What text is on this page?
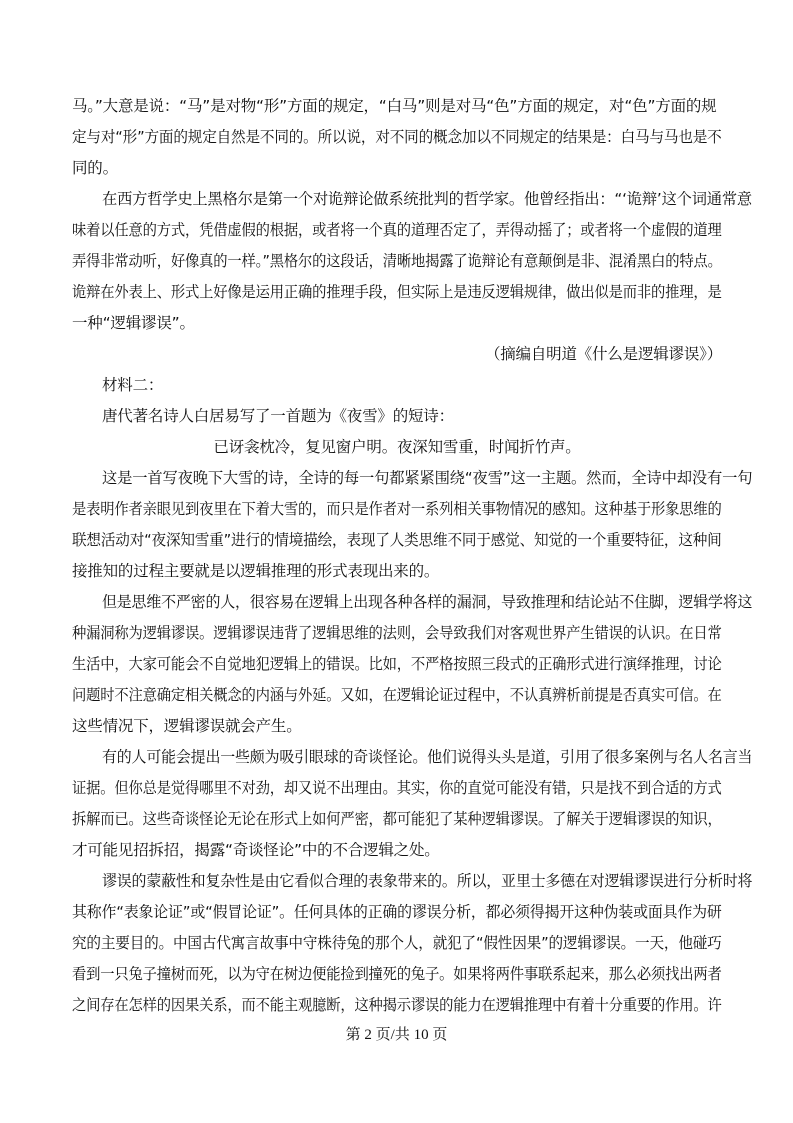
马。”大意是说：“马”是对物“形”方面的规定，“白马”则是对马“色”方面的规定，对“色”方面的规
定与对“形”方面的规定自然是不同的。所以说，对不同的概念加以不同规定的结果是：白马与马也是不
同的。
在西方哲学史上黑格尔是第一个对诡辩论做系统批判的哲学家。他曾经指出：“‘诡辩’这个词通常意
味着以任意的方式，凭借虚假的根据，或者将一个真的道理否定了，弄得动摇了；或者将一个虚假的道理
弄得非常动听，好像真的一样。”黑格尔的这段话，清晰地揭露了诡辩论有意颠倒是非、混淆黑白的特点。
诡辩在外表上、形式上好像是运用正确的推理手段，但实际上是违反逻辑规律，做出似是而非的推理，是
一种“逻辑谬误”。
（摘编自明道《什么是逻辑谬误》）
材料二：
唐代著名诗人白居易写了一首题为《夜雪》的短诗：
已讶衾枕冷，复见窗户明。夜深知雪重，时闻折竹声。
这是一首写夜晚下大雪的诗，全诗的每一句都紧紧围绕“夜雪”这一主题。然而，全诗中却没有一句
是表明作者亲眼见到夜里在下着大雪的，而只是作者对一系列相关事物情况的感知。这种基于形象思维的
联想活动对“夜深知雪重”进行的情境描绘，表现了人类思维不同于感觉、知觉的一个重要特征，这种间
接推知的过程主要就是以逻辑推理的形式表现出来的。
但是思维不严密的人，很容易在逻辑上出现各种各样的漏洞，导致推理和结论站不住脚，逻辑学将这
种漏洞称为逻辑谬误。逻辑谬误违背了逻辑思维的法则，会导致我们对客观世界产生错误的认识。在日常
生活中，大家可能会不自觉地犯逻辑上的错误。比如，不严格按照三段式的正确形式进行演绎推理，讨论
问题时不注意确定相关概念的内涵与外延。又如，在逻辑论证过程中，不认真辨析前提是否真实可信。在
这些情况下，逻辑谬误就会产生。
有的人可能会提出一些颇为吸引眼球的奇谈怪论。他们说得头头是道，引用了很多案例与名人名言当
证据。但你总是觉得哪里不对劲，却又说不出理由。其实，你的直觉可能没有错，只是找不到合适的方式
拆解而已。这些奇谈怪论无论在形式上如何严密，都可能犯了某种逻辑谬误。了解关于逻辑谬误的知识，
才可能见招拆招，揭露“奇谈怪论”中的不合逻辑之处。
谬误的蒙蔽性和复杂性是由它看似合理的表象带来的。所以，亚里士多德在对逻辑谬误进行分析时将
其称作“表象论证”或“假冒论证”。任何具体的正确的谬误分析，都必须得揭开这种伪装或面具作为研
究的主要目的。中国古代寓言故事中守株待兔的那个人，就犯了“假性因果”的逻辑谬误。一天，他碰巧
看到一只兔子撞树而死，以为守在树边便能捡到撞死的兔子。如果将两件事联系起来，那么必须找出两者
之间存在怎样的因果关系，而不能主观臆断，这种揭示谬误的能力在逻辑推理中有着十分重要的作用。许
第 2 页/共 10 页
